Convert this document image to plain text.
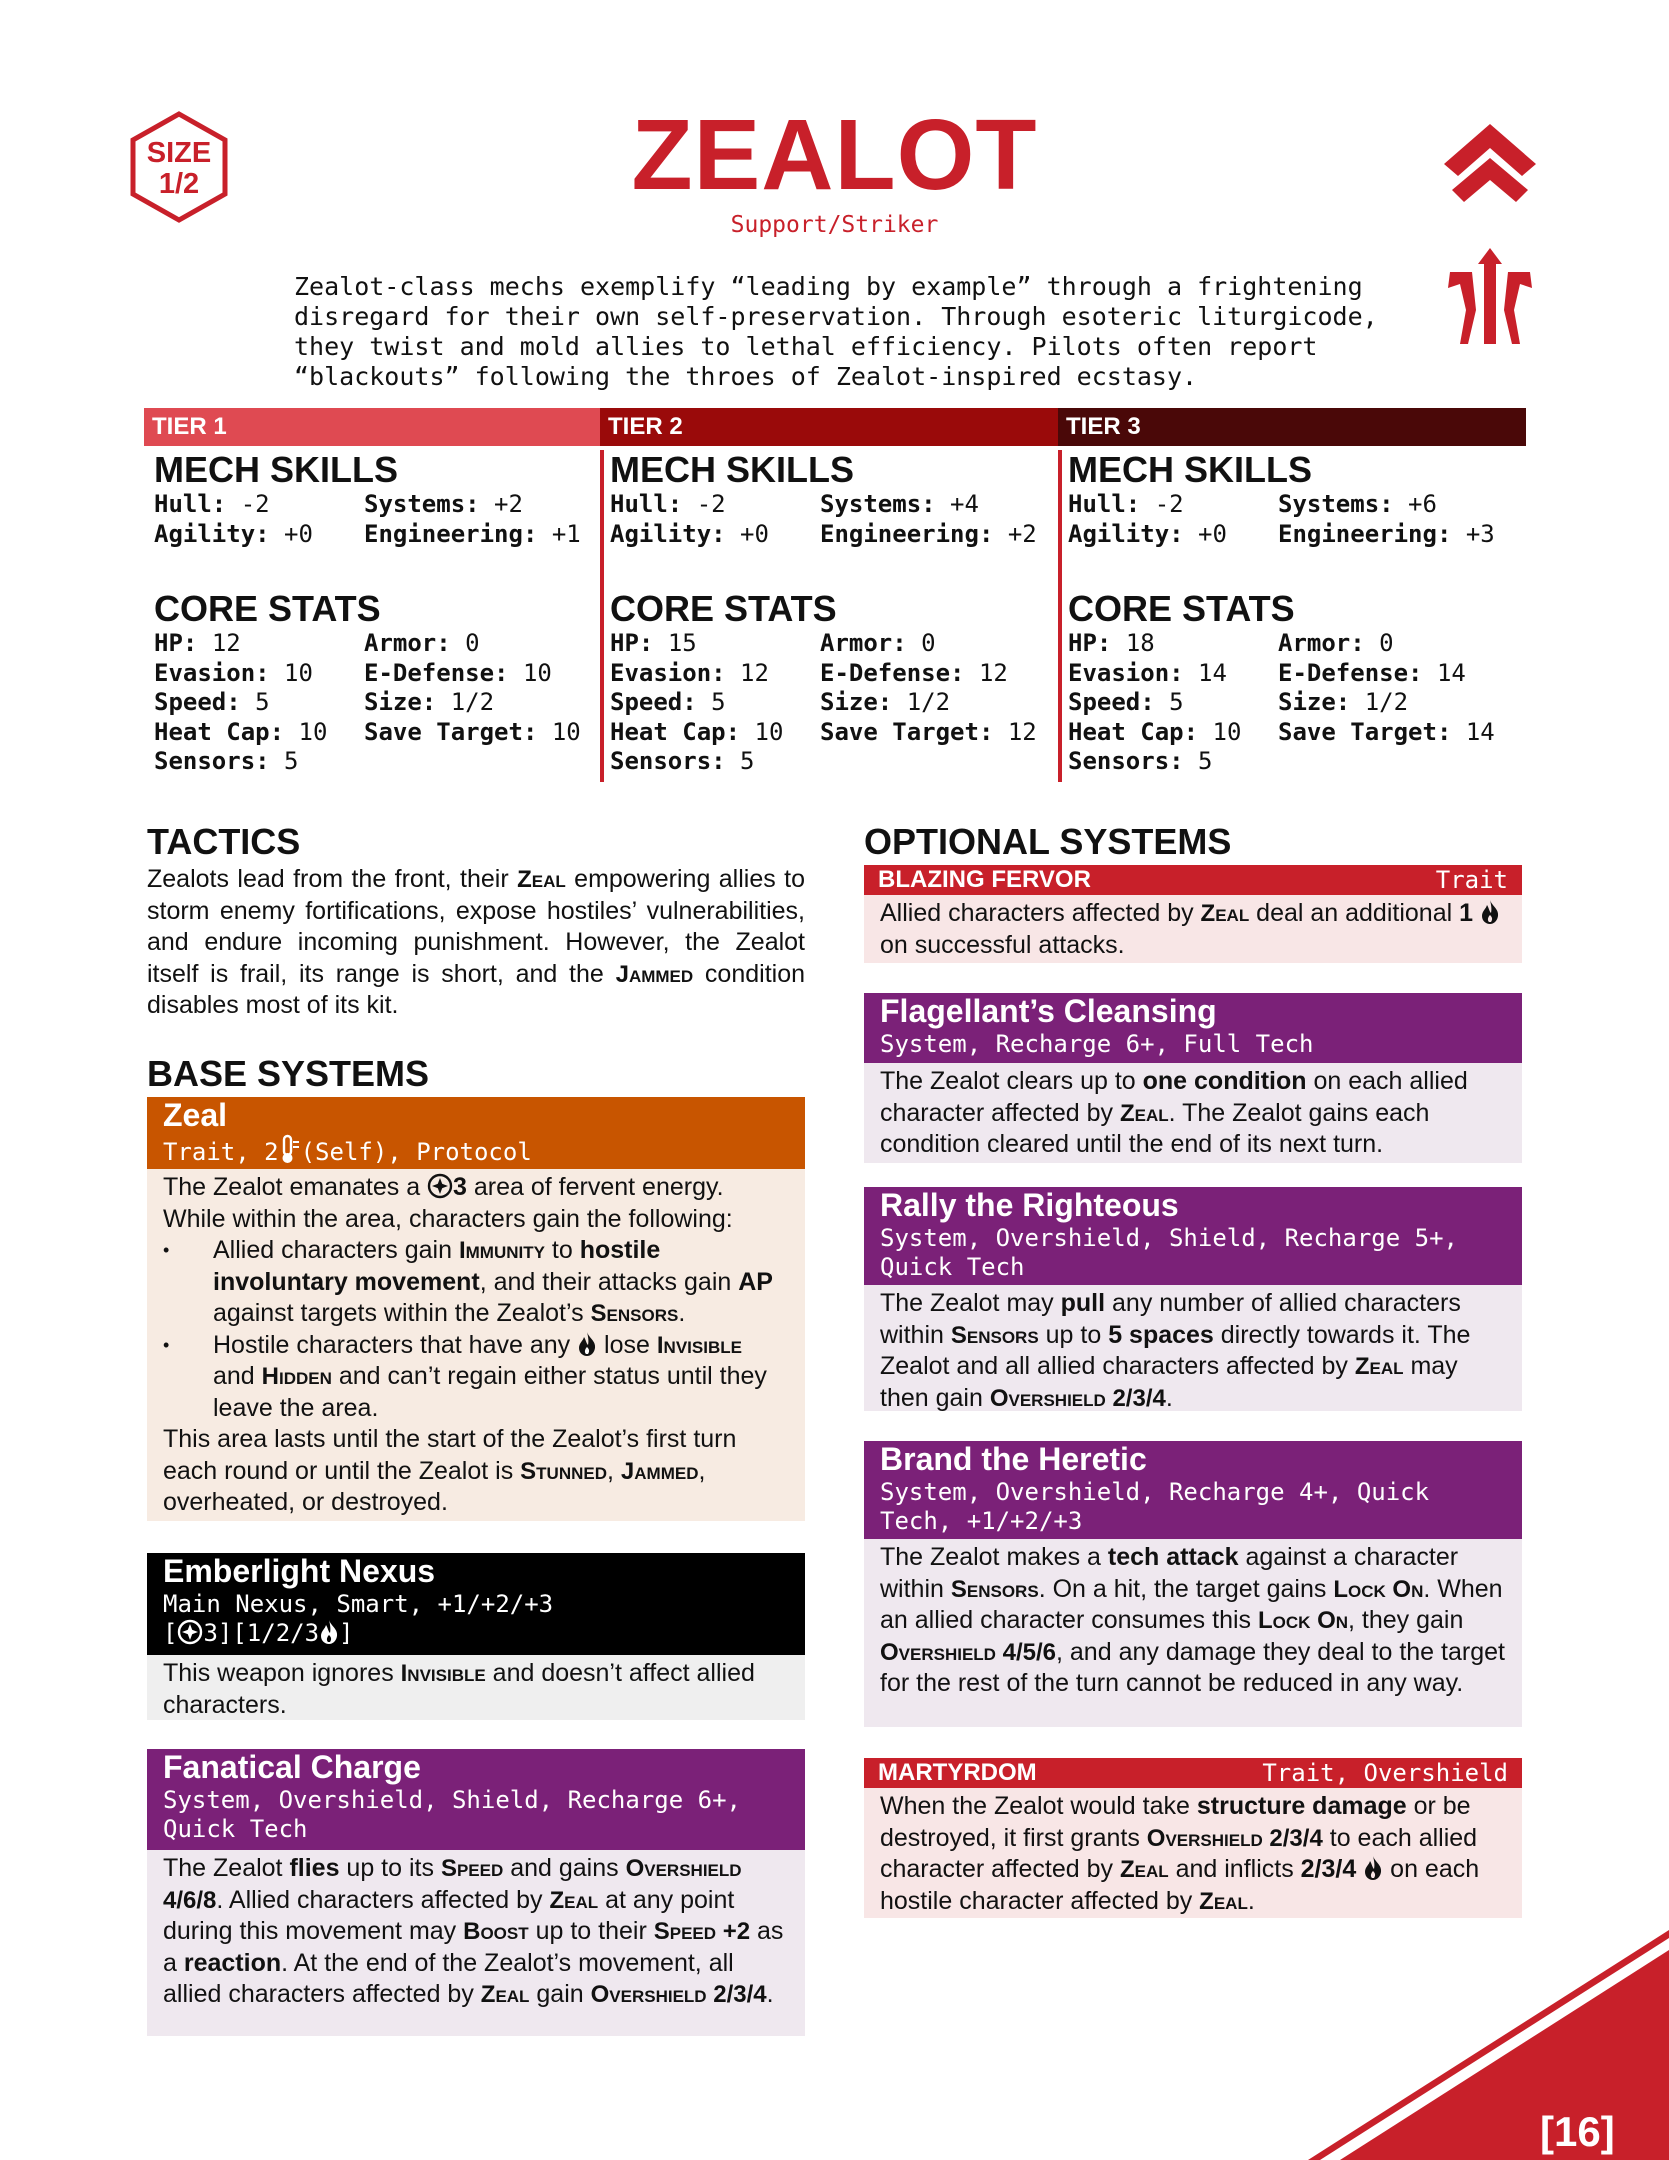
SIZE
1/2	ZEALOT
Support/Striker
Zealot-class mechs exemplify “leading by example” through a frightening
disregard for their own self-preservation. Through esoteric liturgicode,
they twist and mold allies to lethal efficiency. Pilots often report
“blackouts” following the throes of Zealot-inspired ecstasy.
TIER 1
MECH SKILLS
Hull: -2	Systems: +2
Agility: +0	Engineering: +1
CORE STATS
HP: 12	Armor: 0
Evasion: 10	E-Defense: 10
Speed: 5	Size: 1/2
Heat Cap: 10	Save Target: 10
Sensors: 5
TIER 2
MECH SKILLS
Hull: -2	Systems: +4
Agility: +0	Engineering: +2
CORE STATS
HP: 15	Armor: 0
Evasion: 12	E-Defense: 12
Speed: 5	Size: 1/2
Heat Cap: 10	Save Target: 12
Sensors: 5
TIER 3
MECH SKILLS
Hull: -2	Systems: +6
Agility: +0	Engineering: +3
CORE STATS
HP: 18	Armor: 0
Evasion: 14	E-Defense: 14
Speed: 5	Size: 1/2
Heat Cap: 10	Save Target: 14
Sensors: 5
TACTICS
Zealots lead from the front, their Zeal empowering allies to storm enemy fortifications, expose hostiles’ vulnerabilities, and endure incoming punishment. However, the Zealot itself is frail, its range is short, and the Jammed condition disables most of its kit.
BASE SYSTEMS
Zeal
Trait, 2 (Self), Protocol
The Zealot emanates a 3 area of fervent energy. While within the area, characters gain the following:
• Allied characters gain Immunity to hostile involuntary movement, and their attacks gain AP against targets within the Zealot’s Sensors.
• Hostile characters that have any lose Invisible and Hidden and can’t regain either status until they leave the area.
This area lasts until the start of the Zealot’s first turn each round or until the Zealot is Stunned, Jammed, overheated, or destroyed.
Emberlight Nexus
Main Nexus, Smart, +1/+2/+3
[ 3][1/2/3 ]
This weapon ignores Invisible and doesn’t affect allied characters.
Fanatical Charge
System, Overshield, Shield, Recharge 6+, Quick Tech
The Zealot flies up to its Speed and gains Overshield 4/6/8. Allied characters affected by Zeal at any point during this movement may Boost up to their Speed +2 as a reaction. At the end of the Zealot’s movement, all allied characters affected by Zeal gain Overshield 2/3/4.
OPTIONAL SYSTEMS
BLAZING FERVOR	Trait
Allied characters affected by Zeal deal an additional 1  on successful attacks.
Flagellant’s Cleansing
System, Recharge 6+, Full Tech
The Zealot clears up to one condition on each allied character affected by Zeal. The Zealot gains each condition cleared until the end of its next turn.
Rally the Righteous
System, Overshield, Shield, Recharge 5+, Quick Tech
The Zealot may pull any number of allied characters within Sensors up to 5 spaces directly towards it. The Zealot and all allied characters affected by Zeal may then gain Overshield 2/3/4.
Brand the Heretic
System, Overshield, Recharge 4+, Quick Tech, +1/+2/+3
The Zealot makes a tech attack against a character within Sensors. On a hit, the target gains Lock On. When an allied character consumes this Lock On, they gain Overshield 4/5/6, and any damage they deal to the target for the rest of the turn cannot be reduced in any way.
MARTYRDOM	Trait, Overshield
When the Zealot would take structure damage or be destroyed, it first grants Overshield 2/3/4 to each allied character affected by Zeal and inflicts 2/3/4 on each hostile character affected by Zeal.
[16]
